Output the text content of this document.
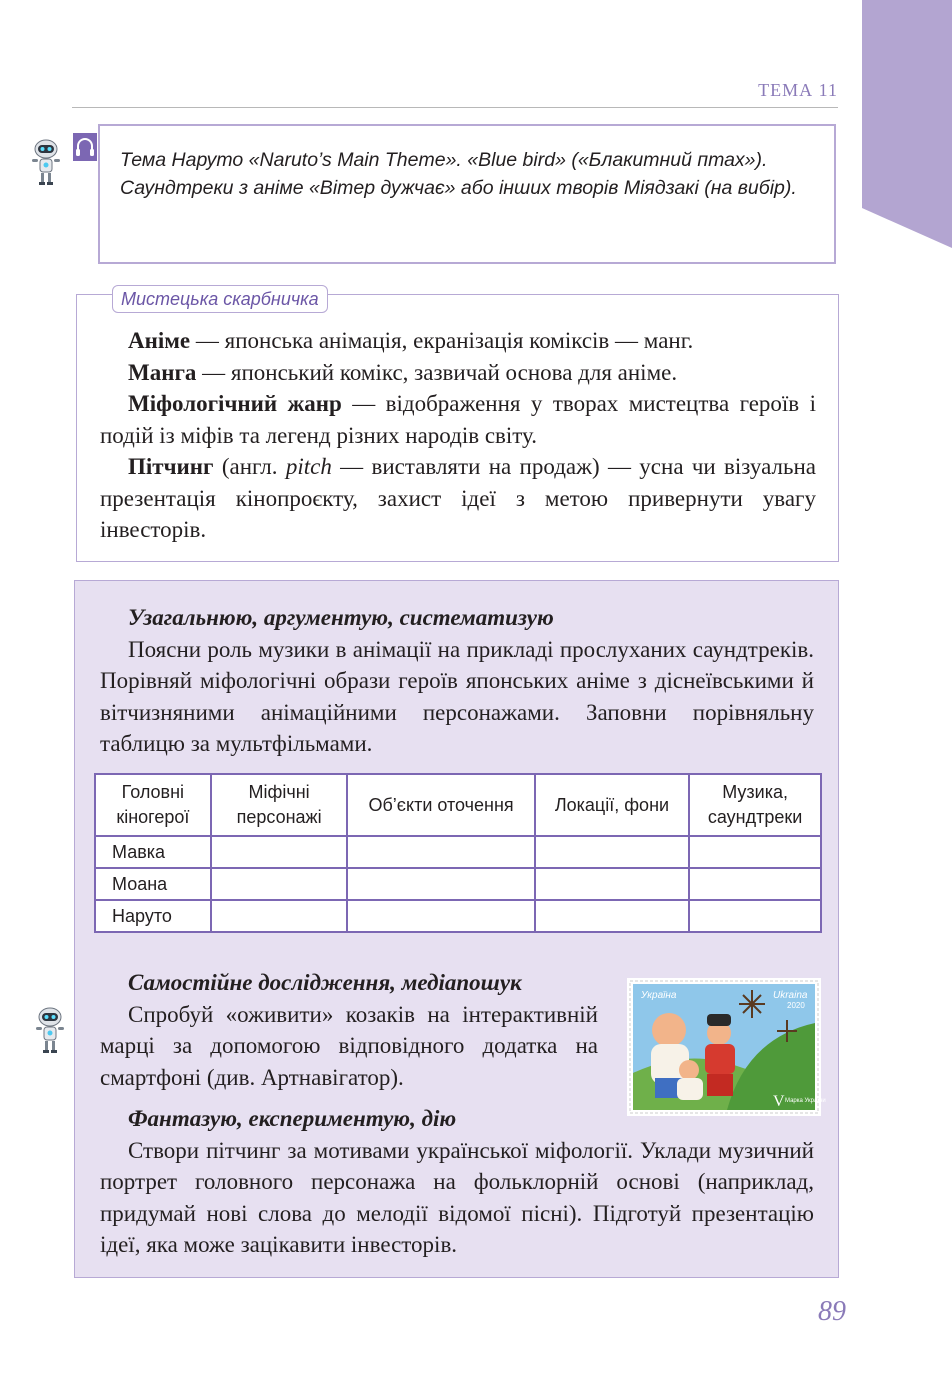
ТЕМА 11

Тема Наруто «Naruto’s Main Theme». «Blue bird» («Блакитний птах»).

Саундтреки з аніме «Вітер дужчає» або інших творів Міядзакі (на вибір).

Мистецька скарбничка

Аніме — японська анімація, екранізація коміксів — манг.

Манга — японський комікс, зазвичай основа для аніме.

Міфологічний жанр — відображення у творах мистецтва героїв і подій із міфів та легенд різних народів світу.

Пітчинг (англ. pitch — виставляти на продаж) — усна чи візуальна презентація кінопроєкту, захист ідеї з метою привернути увагу інвесторів.

Узагальнюю, аргументую, систематизую

Поясни роль музики в анімації на прикладі прослуханих саундтреків. Порівняй міфологічні образи героїв японських аніме з діснеївськими й вітчизняними анімаційними персонажами. Заповни порівняльну таблицю за мультфільмами.

Головні кіногерої	Міфічні персонажі	Об’єкти оточення	Локації, фони	Музика, саундтреки
Мавка				
Моана				
Наруто				

Самостійне дослідження, медіапошук

Спробуй «оживити» козаків на інтерактивній марці за допомогою відповідного додатка на смартфоні (див. Артнавігатор).

Україна	Ukraina
2020
V Марка України

Фантазую, експериментую, дію

Створи пітчинг за мотивами української міфології. Уклади музичний портрет головного персонажа на фольклорній основі (наприклад, придумай нові слова до мелодії відомої пісні). Підготуй презентацію ідеї, яка може зацікавити інвесторів.

89
